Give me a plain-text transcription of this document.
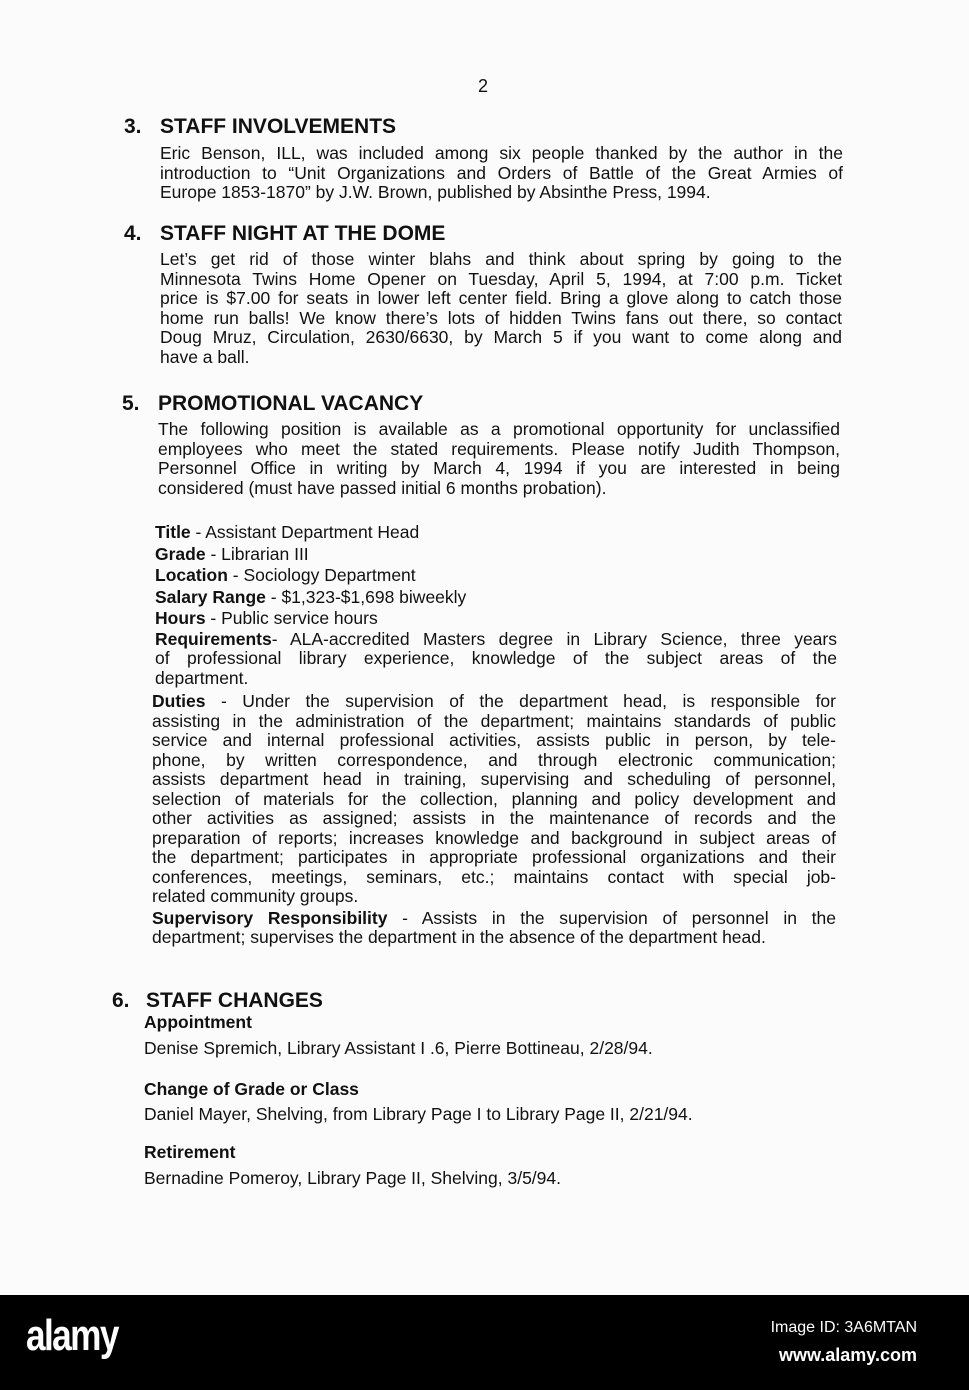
2
3. STAFF INVOLVEMENTS
Eric Benson, ILL, was included among six people thanked by the author in the
introduction to “Unit Organizations and Orders of Battle of the Great Armies of
Europe 1853-1870” by J.W. Brown, published by Absinthe Press, 1994.
4. STAFF NIGHT AT THE DOME
Let’s get rid of those winter blahs and think about spring by going to the
Minnesota Twins Home Opener on Tuesday, April 5, 1994, at 7:00 p.m. Ticket
price is $7.00 for seats in lower left center field. Bring a glove along to catch those
home run balls! We know there’s lots of hidden Twins fans out there, so contact
Doug Mruz, Circulation, 2630/6630, by March 5 if you want to come along and
have a ball.
5. PROMOTIONAL VACANCY
The following position is available as a promotional opportunity for unclassified
employees who meet the stated requirements. Please notify Judith Thompson,
Personnel Office in writing by March 4, 1994 if you are interested in being
considered (must have passed initial 6 months probation).
Title - Assistant Department Head
Grade - Librarian III
Location - Sociology Department
Salary Range - $1,323-$1,698 biweekly
Hours - Public service hours
Requirements- ALA-accredited Masters degree in Library Science, three years
of professional library experience, knowledge of the subject areas of the
department.
Duties - Under the supervision of the department head, is responsible for
assisting in the administration of the department; maintains standards of public
service and internal professional activities, assists public in person, by tele-
phone, by written correspondence, and through electronic communication;
assists department head in training, supervising and scheduling of personnel,
selection of materials for the collection, planning and policy development and
other activities as assigned; assists in the maintenance of records and the
preparation of reports; increases knowledge and background in subject areas of
the department; participates in appropriate professional organizations and their
conferences, meetings, seminars, etc.; maintains contact with special job-
related community groups.
Supervisory Responsibility - Assists in the supervision of personnel in the
department; supervises the department in the absence of the department head.
6. STAFF CHANGES
Appointment
Denise Spremich, Library Assistant I .6, Pierre Bottineau, 2/28/94.
Change of Grade or Class
Daniel Mayer, Shelving, from Library Page I to Library Page II, 2/21/94.
Retirement
Bernadine Pomeroy, Library Page II, Shelving, 3/5/94.
alamy	Image ID: 3A6MTAN
www.alamy.com
